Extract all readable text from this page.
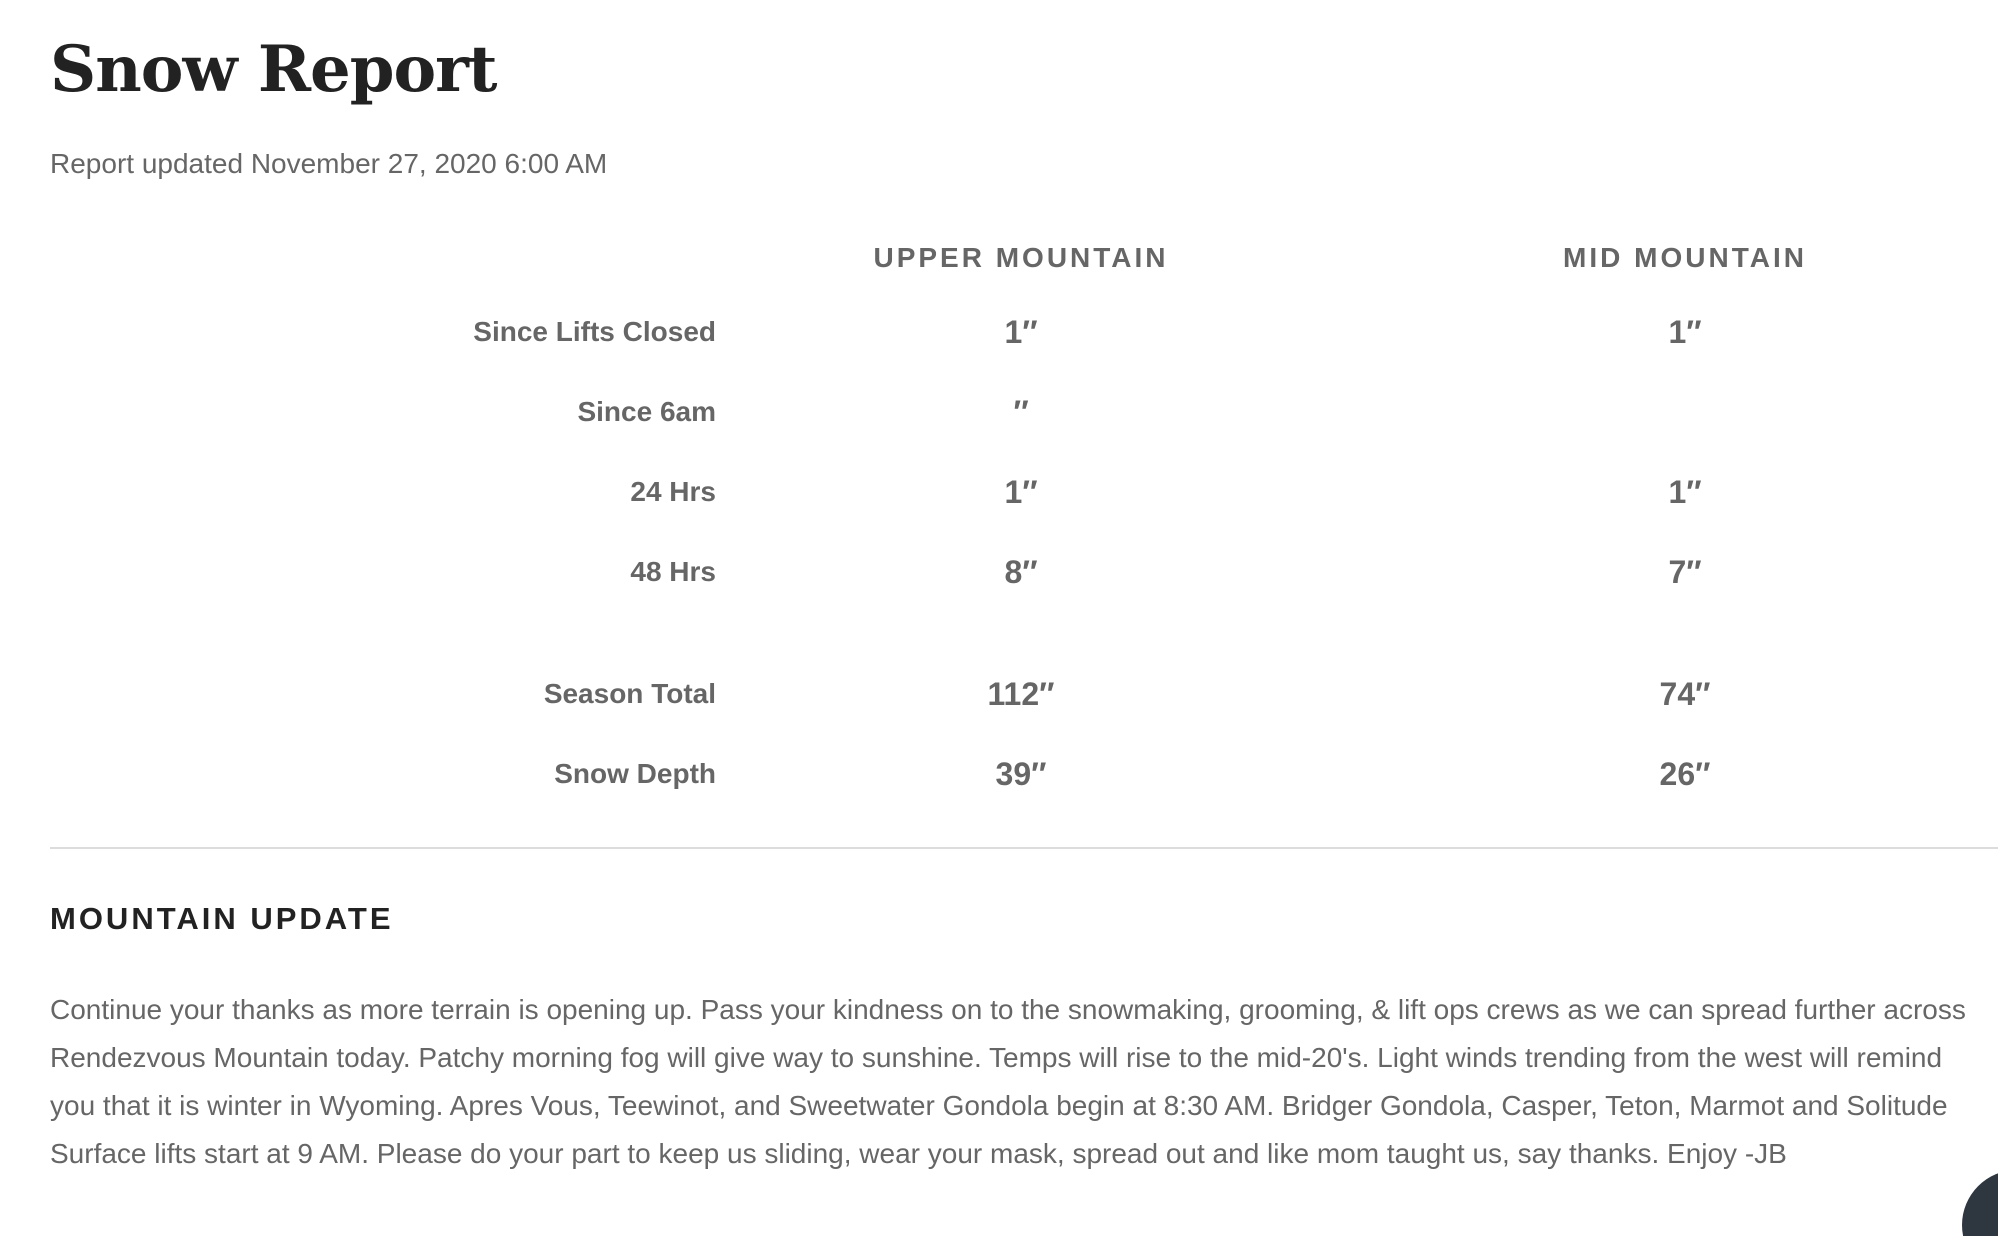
Snow Report
Report updated November 27, 2020 6:00 AM
UPPER MOUNTAIN	MID MOUNTAIN
Since Lifts Closed	1″	1″
Since 6am	″
24 Hrs	1″	1″
48 Hrs	8″	7″
Season Total	112″	74″
Snow Depth	39″	26″
MOUNTAIN UPDATE

Continue your thanks as more terrain is opening up. Pass your kindness on to the snowmaking, grooming, & lift ops crews as we can spread further across Rendezvous Mountain today. Patchy morning fog will give way to sunshine. Temps will rise to the mid-20's. Light winds trending from the west will remind you that it is winter in Wyoming. Apres Vous, Teewinot, and Sweetwater Gondola begin at 8:30 AM. Bridger Gondola, Casper, Teton, Marmot and Solitude Surface lifts start at 9 AM. Please do your part to keep us sliding, wear your mask, spread out and like mom taught us, say thanks. Enjoy -JB
